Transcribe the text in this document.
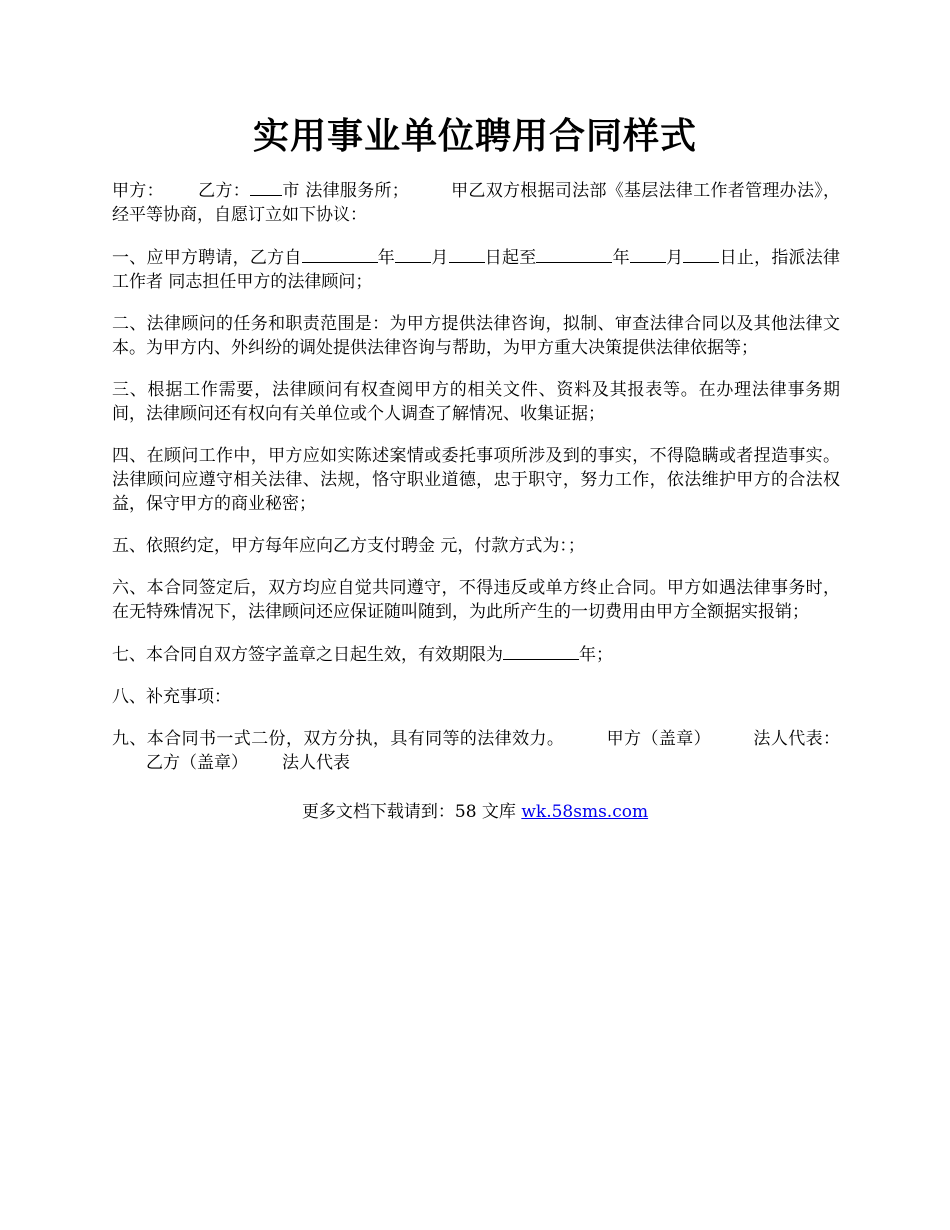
实用事业单位聘用合同样式

甲方： 乙方： 市 法律服务所； 甲乙双方根据司法部《基层法律工作者管理办法》，经平等协商，自愿订立如下协议：

一、应甲方聘请，乙方自	年 月 日起至	年 月 日止，指派法律工作者 同志担任甲方的法律顾问；

二、法律顾问的任务和职责范围是：为甲方提供法律咨询，拟制、审查法律合同以及其他法律文本。为甲方内、外纠纷的调处提供法律咨询与帮助，为甲方重大决策提供法律依据等；

三、根据工作需要，法律顾问有权查阅甲方的相关文件、资料及其报表等。在办理法律事务期间，法律顾问还有权向有关单位或个人调查了解情况、收集证据；

四、在顾问工作中，甲方应如实陈述案情或委托事项所涉及到的事实，不得隐瞒或者捏造事实。法律顾问应遵守相关法律、法规，恪守职业道德，忠于职守，努力工作，依法维护甲方的合法权益，保守甲方的商业秘密；

五、依照约定，甲方每年应向乙方支付聘金 元，付款方式为：；

六、本合同签定后，双方均应自觉共同遵守，不得违反或单方终止合同。甲方如遇法律事务时，在无特殊情况下，法律顾问还应保证随叫随到，为此所产生的一切费用由甲方全额据实报销；

七、本合同自双方签字盖章之日起生效，有效期限为	年；

八、补充事项：

九、本合同书一式二份，双方分执，具有同等的法律效力。 甲方（盖章） 法人代表：乙方（盖章） 法人代表

更多文档下载请到：58 文库 wk.58sms.com
